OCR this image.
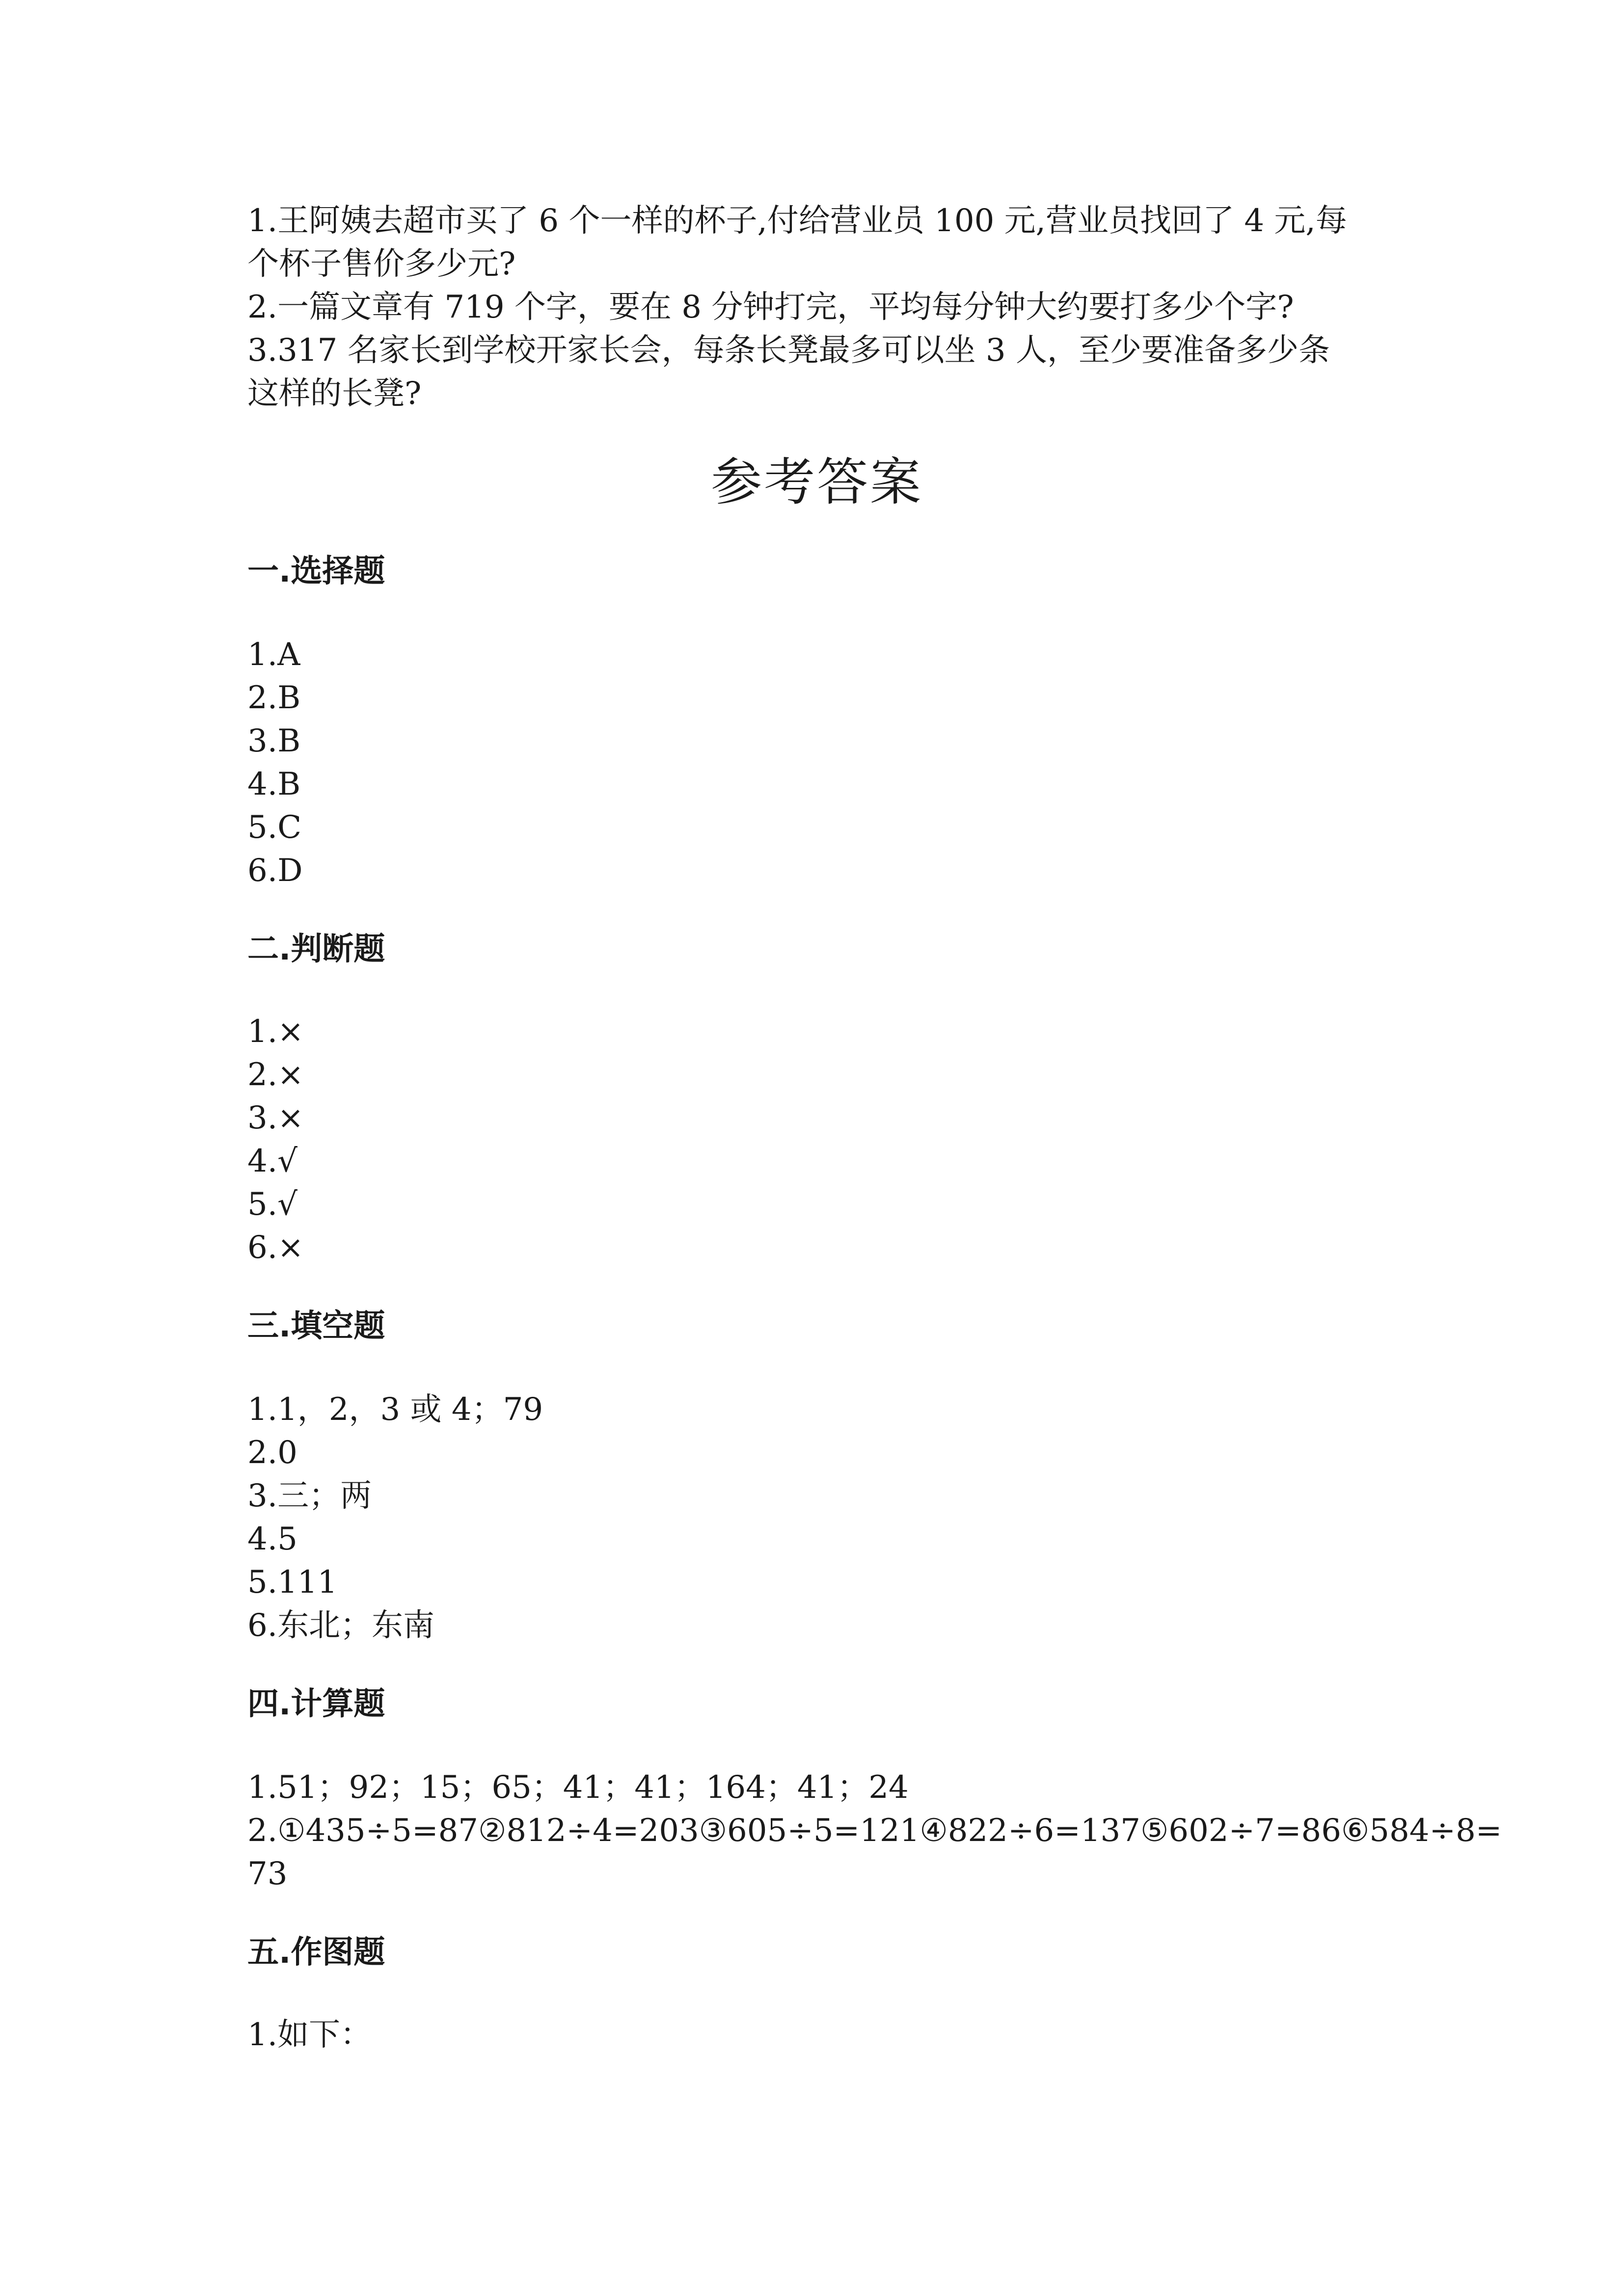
1.王阿姨去超市买了 6 个一样的杯子,付给营业员 100 元,营业员找回了 4 元,每
个杯子售价多少元?
2.一篇文章有 719 个字，要在 8 分钟打完，平均每分钟大约要打多少个字?
3.317 名家长到学校开家长会，每条长凳最多可以坐 3 人，至少要准备多少条
这样的长凳?
参考答案
一.选择题
1.A
2.B
3.B
4.B
5.C
6.D
二.判断题
1.×
2.×
3.×
4.√
5.√
6.×
三.填空题
1.1，2，3 或 4；79
2.0
3.三；两
4.5
5.111
6.东北；东南
四.计算题
1.51；92；15；65；41；41；164；41；24
2.①435÷5=87②812÷4=203③605÷5=121④822÷6=137⑤602÷7=86⑥584÷8=
73
五.作图题
1.如下：
